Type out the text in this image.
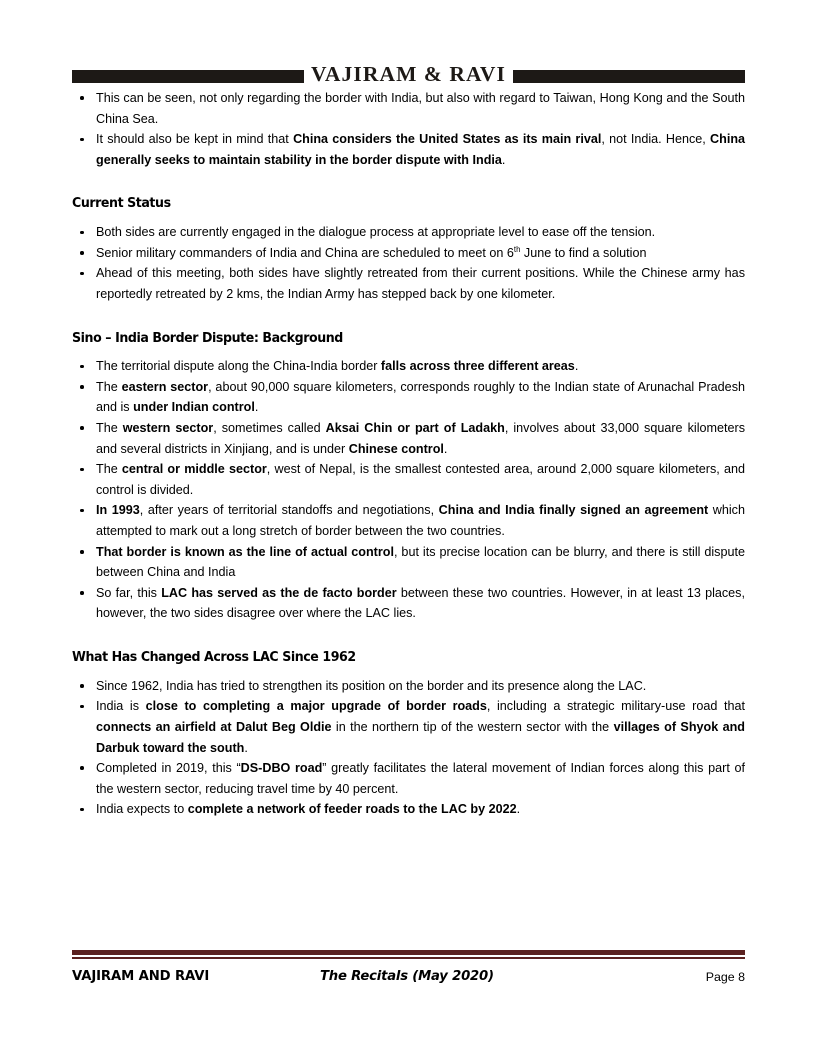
VAJIRAM & RAVI
This can be seen, not only regarding the border with India, but also with regard to Taiwan, Hong Kong and the South China Sea.
It should also be kept in mind that China considers the United States as its main rival, not India. Hence, China generally seeks to maintain stability in the border dispute with India.
Current Status
Both sides are currently engaged in the dialogue process at appropriate level to ease off the tension.
Senior military commanders of India and China are scheduled to meet on 6th June to find a solution
Ahead of this meeting, both sides have slightly retreated from their current positions. While the Chinese army has reportedly retreated by 2 kms, the Indian Army has stepped back by one kilometer.
Sino – India Border Dispute: Background
The territorial dispute along the China-India border falls across three different areas.
The eastern sector, about 90,000 square kilometers, corresponds roughly to the Indian state of Arunachal Pradesh and is under Indian control.
The western sector, sometimes called Aksai Chin or part of Ladakh, involves about 33,000 square kilometers and several districts in Xinjiang, and is under Chinese control.
The central or middle sector, west of Nepal, is the smallest contested area, around 2,000 square kilometers, and control is divided.
In 1993, after years of territorial standoffs and negotiations, China and India finally signed an agreement which attempted to mark out a long stretch of border between the two countries.
That border is known as the line of actual control, but its precise location can be blurry, and there is still dispute between China and India
So far, this LAC has served as the de facto border between these two countries. However, in at least 13 places, however, the two sides disagree over where the LAC lies.
What Has Changed Across LAC Since 1962
Since 1962, India has tried to strengthen its position on the border and its presence along the LAC.
India is close to completing a major upgrade of border roads, including a strategic military-use road that connects an airfield at Dalut Beg Oldie in the northern tip of the western sector with the villages of Shyok and Darbuk toward the south.
Completed in 2019, this “DS-DBO road” greatly facilitates the lateral movement of Indian forces along this part of the western sector, reducing travel time by 40 percent.
India expects to complete a network of feeder roads to the LAC by 2022.
VAJIRAM AND RAVI	The Recitals (May 2020)	Page 8
